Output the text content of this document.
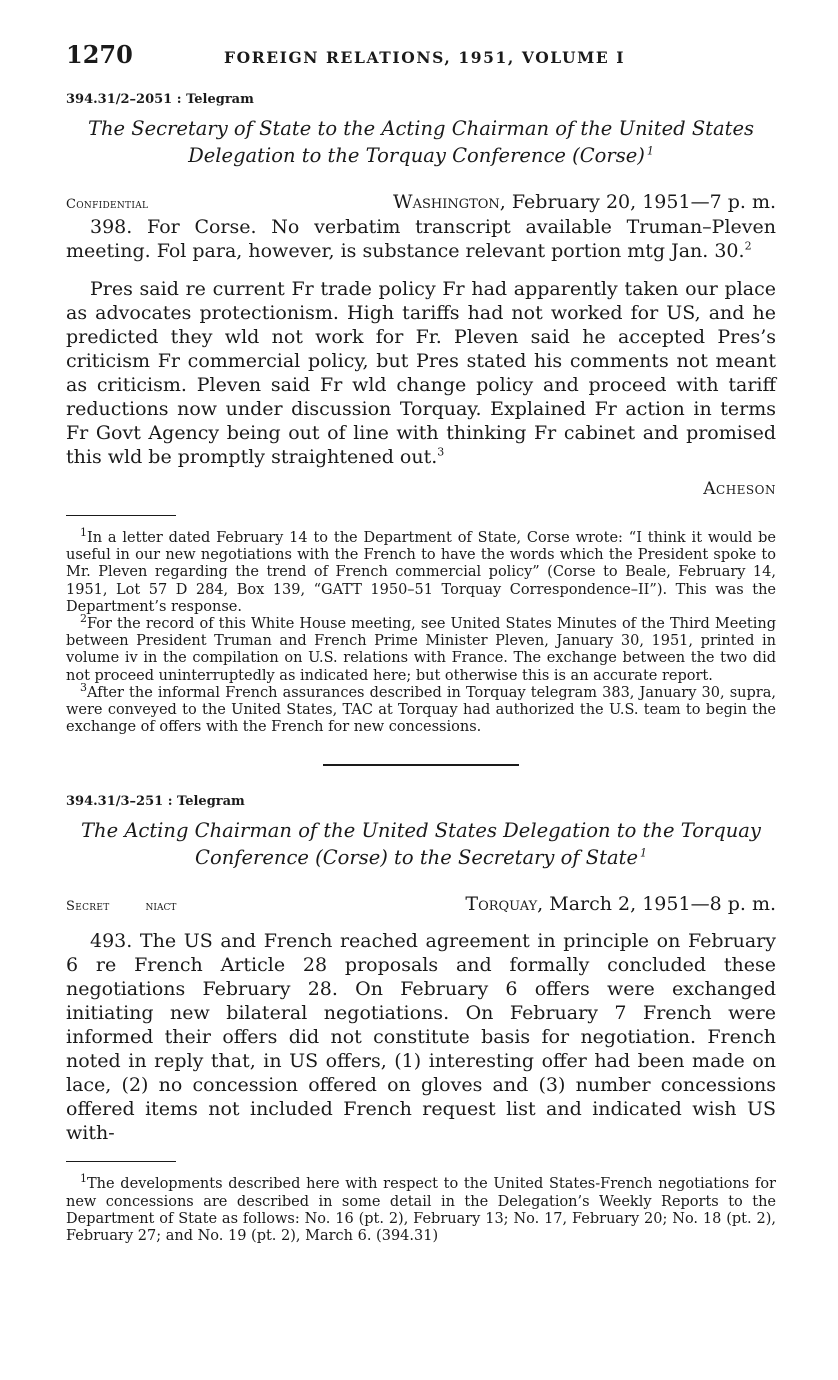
1270	FOREIGN RELATIONS, 1951, VOLUME I
394.31/2–2051 : Telegram
The Secretary of State to the Acting Chairman of the United States Delegation to the Torquay Conference (Corse)  $^1$
Confidential	Washington, February 20, 1951—7 p. m.

398. For Corse. No verbatim transcript available Truman–Pleven meeting. Fol para, however, is substance relevant portion mtg Jan. 30.$^2$

Pres said re current Fr trade policy Fr had apparently taken our place as advocates protectionism. High tariffs had not worked for US, and he predicted they wld not work for Fr. Pleven said he accepted Pres’s criticism Fr commercial policy, but Pres stated his comments not meant as criticism. Pleven said Fr wld change policy and proceed with tariff reductions now under discussion Torquay. Explained Fr action in terms Fr Govt Agency being out of line with thinking Fr cabinet and promised this wld be promptly straightened out.$^3$

Acheson

$^1$In a letter dated February 14 to the Department of State, Corse wrote: “I think it would be useful in our new negotiations with the French to have the words which the President spoke to Mr. Pleven regarding the trend of French commercial policy” (Corse to Beale, February 14, 1951, Lot 57 D 284, Box 139, “GATT 1950–51 Torquay Correspondence–II”). This was the Department’s response.

$^2$For the record of this White House meeting, see United States Minutes of the Third Meeting between President Truman and French Prime Minister Pleven, January 30, 1951, printed in volume iv in the compilation on U.S. relations with France. The exchange between the two did not proceed uninterruptedly as indicated here; but otherwise this is an accurate report.

$^3$After the informal French assurances described in Torquay telegram 383, January 30, supra, were conveyed to the United States, TAC at Torquay had authorized the U.S. team to begin the exchange of offers with the French for new concessions.

394.31/3–251 : Telegram
The Acting Chairman of the United States Delegation to the Torquay Conference (Corse) to the Secretary of State  $^1$
Secret	niact	Torquay, March 2, 1951—8 p. m.

493. The US and French reached agreement in principle on February 6 re French Article 28 proposals and formally concluded these negotiations February 28. On February 6 offers were exchanged initiating new bilateral negotiations. On February 7 French were informed their offers did not constitute basis for negotiation. French noted in reply that, in US offers, (1) interesting offer had been made on lace, (2) no concession offered on gloves and (3) number concessions offered items not included French request list and indicated wish US with-

$^1$The developments described here with respect to the United States-French negotiations for new concessions are described in some detail in the Delegation’s Weekly Reports to the Department of State as follows: No. 16 (pt. 2), February 13; No. 17, February 20; No. 18 (pt. 2), February 27; and No. 19 (pt. 2), March 6. (394.31)
